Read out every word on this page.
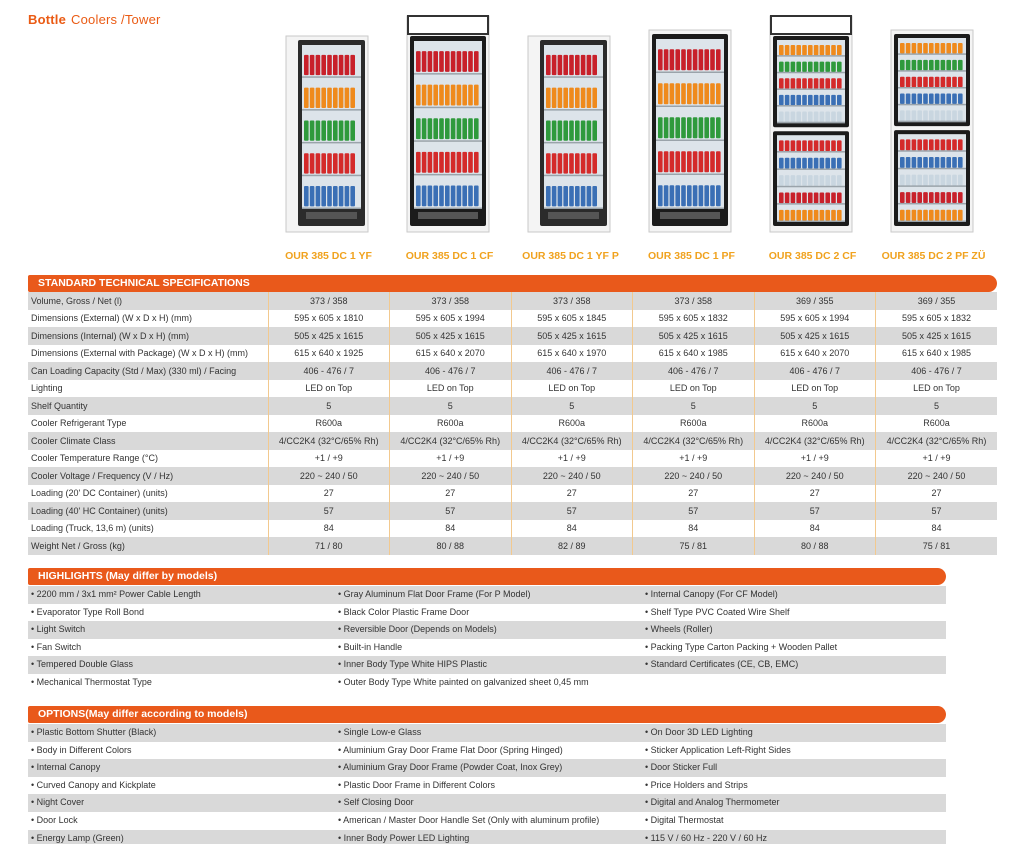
Bottle Coolers /Tower
OUR 385 DC 1 YF	OUR 385 DC 1 CF	OUR 385 DC 1 YF P	OUR 385 DC 1 PF	OUR 385 DC 2 CF	OUR 385 DC 2 PF ZÜ
STANDARD TECHNICAL SPECIFICATIONS
Volume, Gross / Net (l)	373 / 358	373 / 358	373 / 358	373 / 358	369 / 355	369 / 355
Dimensions (External) (W x D x H) (mm)	595 x 605 x 1810	595 x 605 x 1994	595 x 605 x 1845	595 x 605 x 1832	595 x 605 x 1994	595 x 605 x 1832
Dimensions (Internal) (W x D x H) (mm)	505 x 425 x 1615	505 x 425 x 1615	505 x 425 x 1615	505 x 425 x 1615	505 x 425 x 1615	505 x 425 x 1615
Dimensions (External with Package) (W x D x H) (mm)	615 x 640 x 1925	615 x 640 x 2070	615 x 640 x 1970	615 x 640 x 1985	615 x 640 x 2070	615 x 640 x 1985
Can Loading Capacity (Std / Max) (330 ml) / Facing	406 - 476 / 7	406 - 476 / 7	406 - 476 / 7	406 - 476 / 7	406 - 476 / 7	406 - 476 / 7
Lighting	LED on Top	LED on Top	LED on Top	LED on Top	LED on Top	LED on Top
Shelf Quantity	5	5	5	5	5	5
Cooler Refrigerant Type	R600a	R600a	R600a	R600a	R600a	R600a
Cooler Climate Class	4/CC2K4 (32°C/65% Rh)	4/CC2K4 (32°C/65% Rh)	4/CC2K4 (32°C/65% Rh)	4/CC2K4 (32°C/65% Rh)	4/CC2K4 (32°C/65% Rh)	4/CC2K4 (32°C/65% Rh)
Cooler Temperature Range (°C)	+1 / +9	+1 / +9	+1 / +9	+1 / +9	+1 / +9	+1 / +9
Cooler Voltage / Frequency (V / Hz)	220 ~ 240 / 50	220 ~ 240 / 50	220 ~ 240 / 50	220 ~ 240 / 50	220 ~ 240 / 50	220 ~ 240 / 50
Loading (20' DC Container) (units)	27	27	27	27	27	27
Loading (40' HC Container) (units)	57	57	57	57	57	57
Loading (Truck, 13,6 m) (units)	84	84	84	84	84	84
Weight Net / Gross (kg)	71 / 80	80 / 88	82 / 89	75 / 81	80 / 88	75 / 81
HIGHLIGHTS (May differ by models)
• 2200 mm / 3x1 mm² Power Cable Length	• Gray Aluminum Flat Door Frame (For P Model)	• Internal Canopy (For CF Model)
• Evaporator Type Roll Bond	• Black Color Plastic Frame Door	• Shelf Type PVC Coated Wire Shelf
• Light Switch	• Reversible Door (Depends on Models)	• Wheels (Roller)
• Fan Switch	• Built-in Handle	• Packing Type Carton Packing + Wooden Pallet
• Tempered Double Glass	• Inner Body Type White HIPS Plastic	• Standard Certificates (CE, CB, EMC)
• Mechanical Thermostat Type	• Outer Body Type White painted on galvanized sheet 0,45 mm
OPTIONS(May differ according to models)
• Plastic Bottom Shutter (Black)	• Single Low-e Glass	• On Door 3D LED Lighting
• Body in Different Colors	• Aluminium Gray Door Frame Flat Door (Spring Hinged)	• Sticker Application Left-Right Sides
• Internal Canopy	• Aluminium Gray Door Frame (Powder Coat, Inox Grey)	• Door Sticker Full
• Curved Canopy and Kickplate	• Plastic Door Frame in Different Colors	• Price Holders and Strips
• Night Cover	• Self Closing Door	• Digital and Analog Thermometer
• Door Lock	• American / Master Door Handle Set (Only with aluminum profile)	• Digital Thermostat
• Energy Lamp (Green)	• Inner Body Power LED Lighting	• 115 V / 60 Hz - 220 V / 60 Hz
